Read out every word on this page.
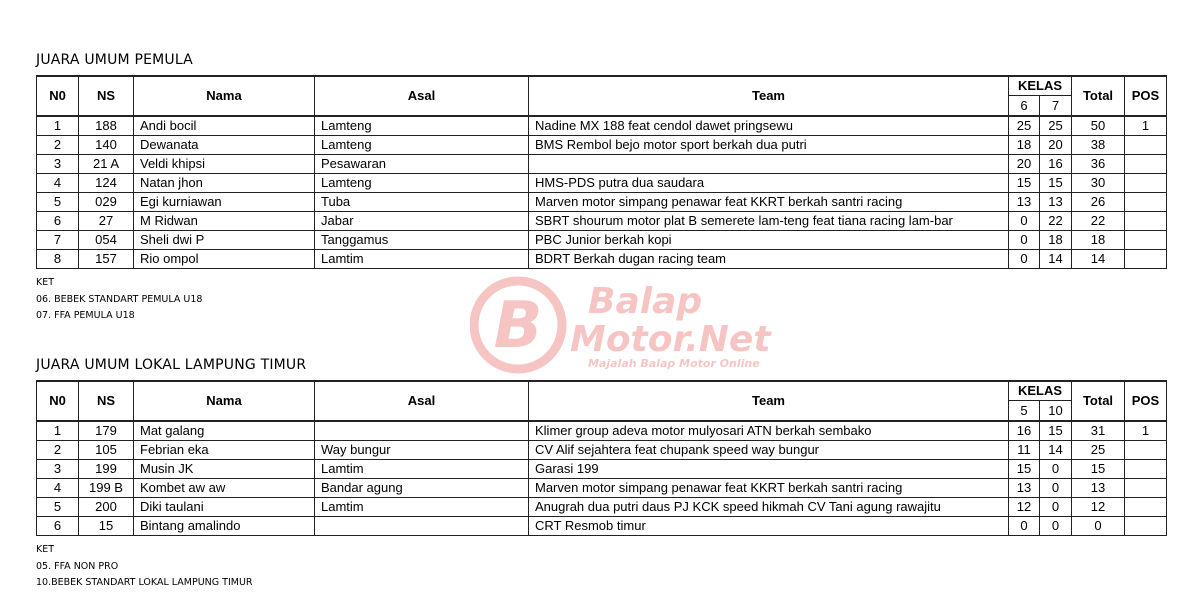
JUARA UMUM PEMULA
N0	NS	Nama	Asal	Team	KELAS		Total	POS
					6	7		
1	188	Andi bocil	Lamteng	Nadine MX 188 feat cendol dawet pringsewu	25	25	50	1
2	140	Dewanata	Lamteng	BMS Rembol bejo motor sport berkah dua putri	18	20	38	
3	21 A	Veldi khipsi	Pesawaran		20	16	36	
4	124	Natan jhon	Lamteng	HMS-PDS putra dua saudara	15	15	30	
5	029	Egi kurniawan	Tuba	Marven motor simpang penawar feat KKRT berkah santri racing	13	13	26	
6	27	M Ridwan	Jabar	SBRT shourum motor plat B semerete lam-teng feat tiana racing lam-bar	0	22	22	
7	054	Sheli dwi P	Tanggamus	PBC Junior berkah kopi	0	18	18	
8	157	Rio ompol	Lamtim	BDRT Berkah dugan racing team	0	14	14	
KET
06. BEBEK STANDART PEMULA U18
07. FFA PEMULA U18	B Balap
Motor.Net
Majalah Balap Motor Online
JUARA UMUM LOKAL LAMPUNG TIMUR
N0	NS	Nama	Asal	Team	KELAS		Total	POS
					5	10		
1	179	Mat galang		Klimer group adeva motor mulyosari ATN berkah sembako	16	15	31	1
2	105	Febrian eka	Way bungur	CV Alif sejahtera feat chupank speed way bungur	11	14	25	
3	199	Musin JK	Lamtim	Garasi 199	15	0	15	
4	199 B	Kombet aw aw	Bandar agung	Marven motor simpang penawar feat KKRT berkah santri racing	13	0	13	
5	200	Diki taulani	Lamtim	Anugrah dua putri daus PJ KCK speed hikmah CV Tani agung rawajitu	12	0	12	
6	15	Bintang amalindo		CRT Resmob timur	0	0	0	
KET
05. FFA NON PRO
10.BEBEK STANDART LOKAL LAMPUNG TIMUR
